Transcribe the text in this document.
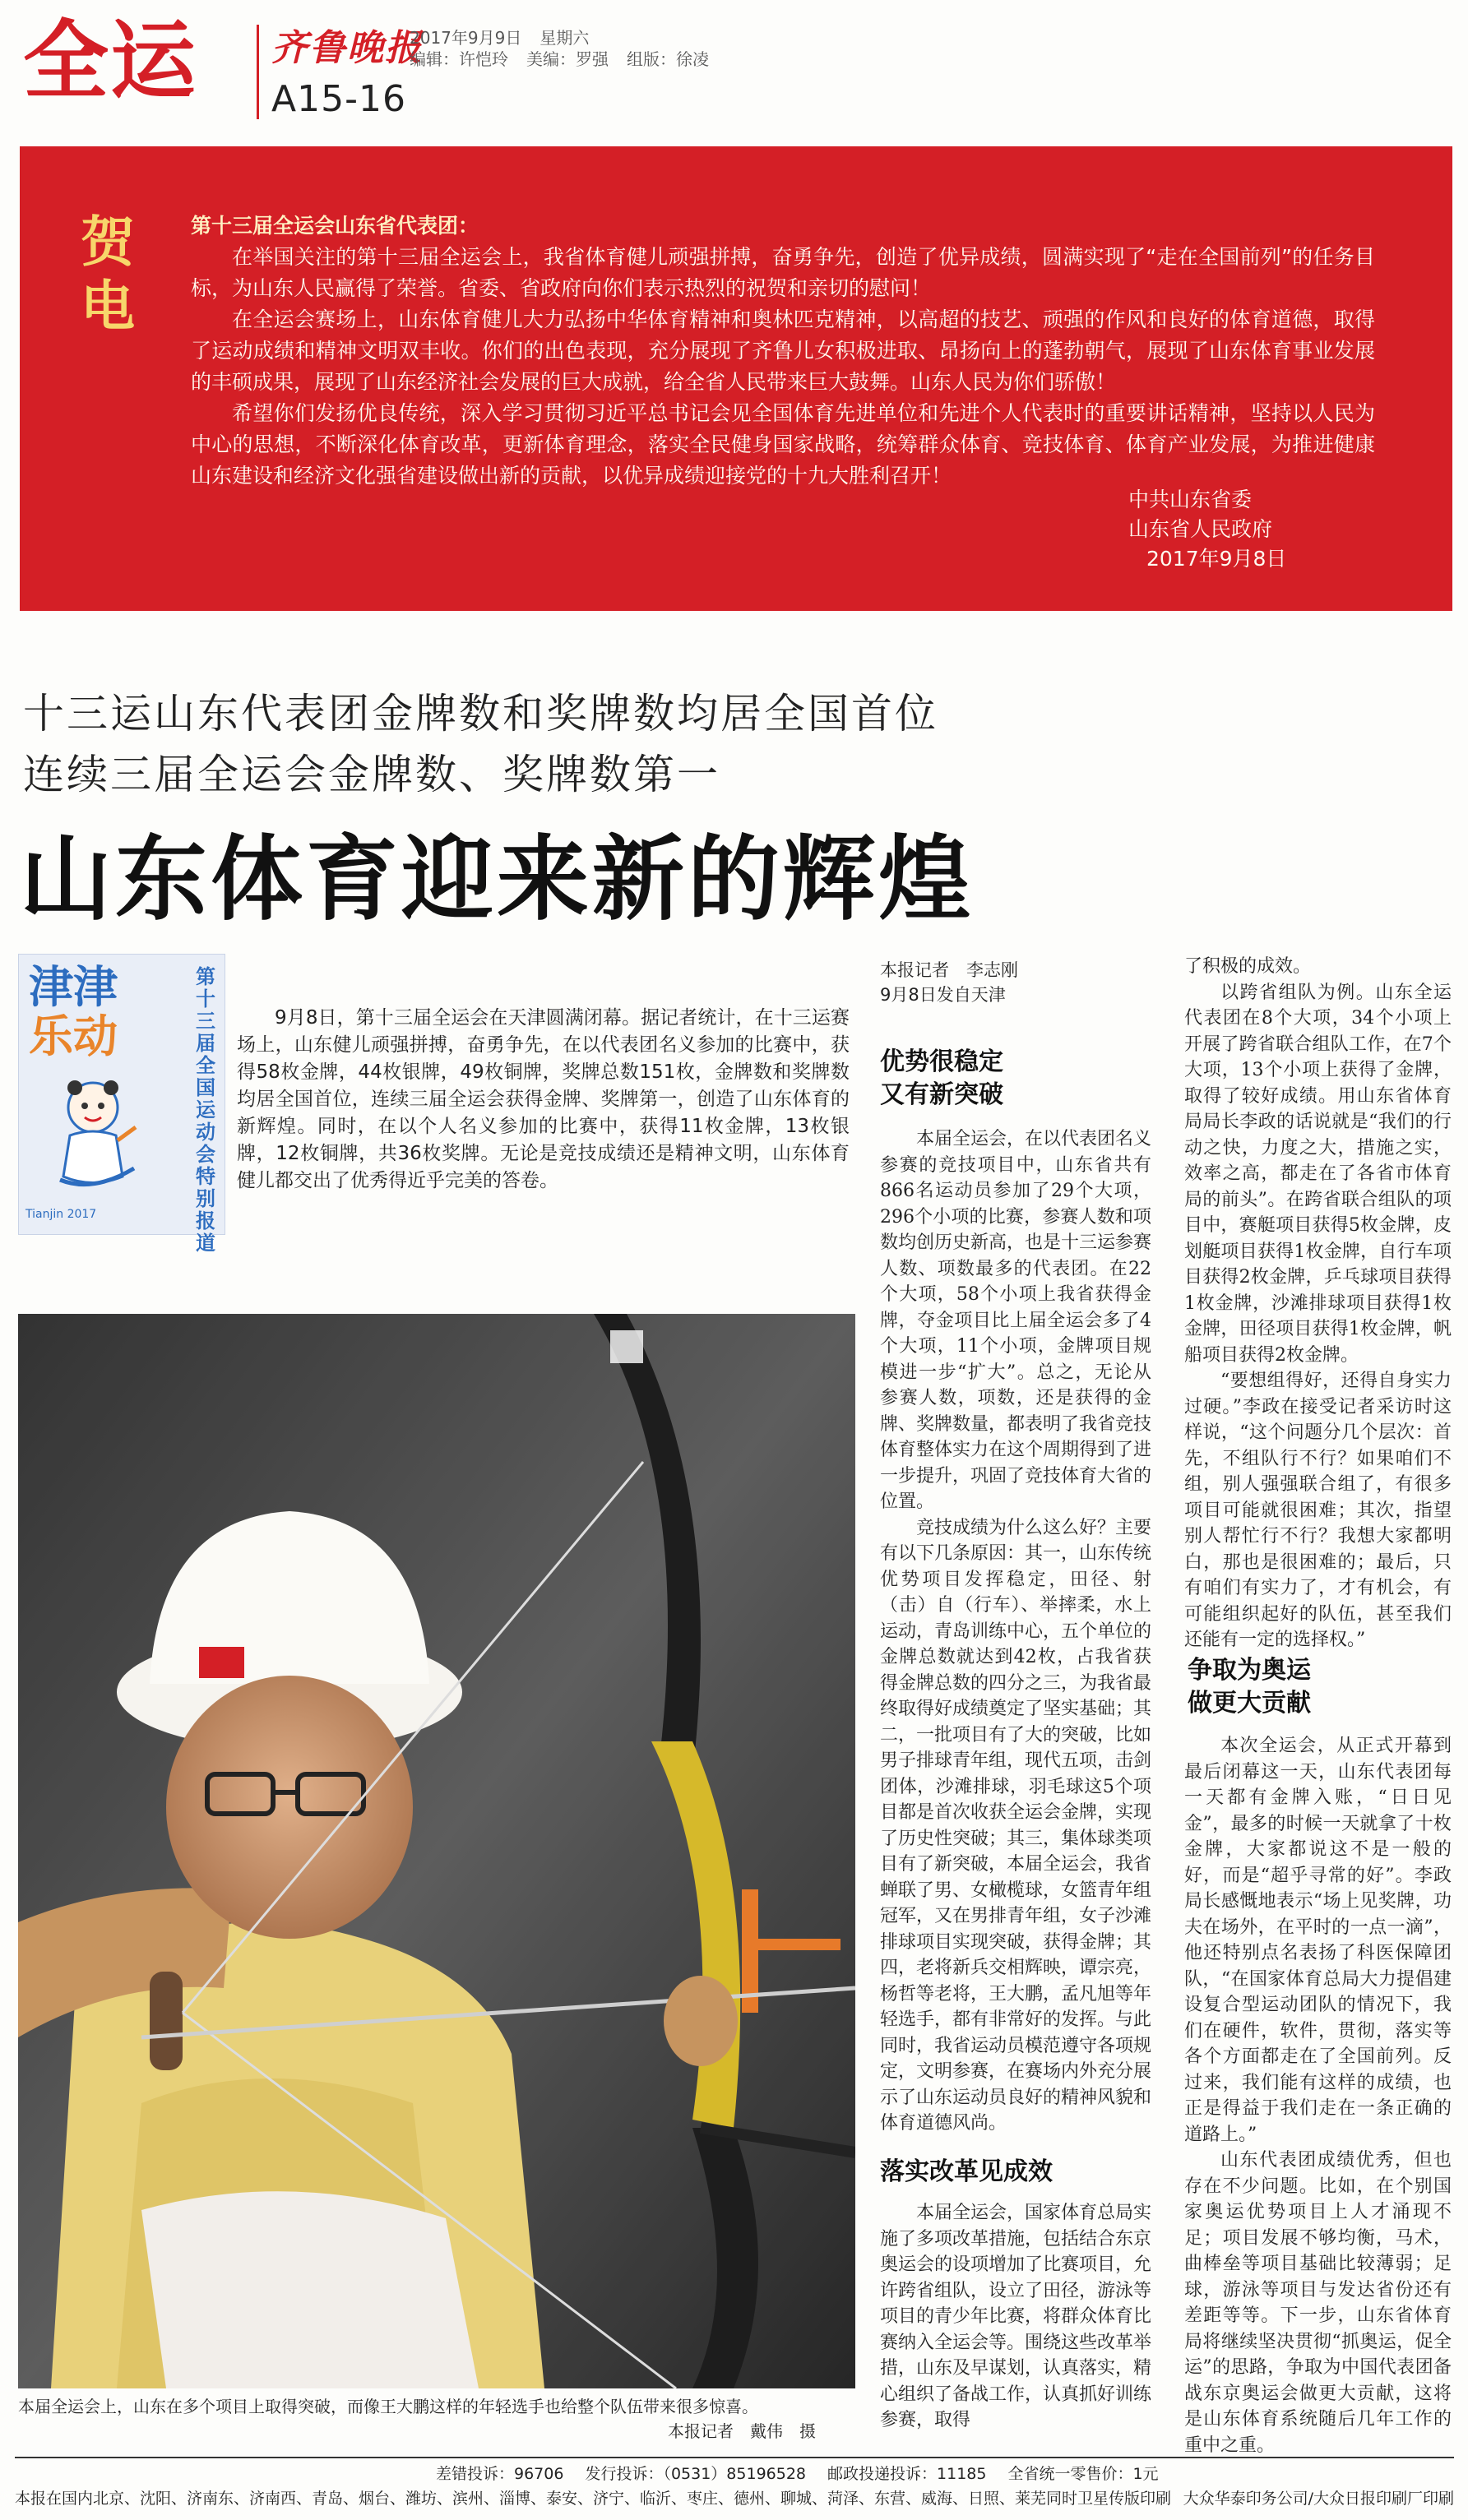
全运 齐鲁晚报
2017年9月9日 星期六
编辑：许恺玲 美编：罗强 组版：徐凌
A15-16
贺电

第十三届全运会山东省代表团：

在举国关注的第十三届全运会上，我省体育健儿顽强拼搏，奋勇争先，创造了优异成绩，圆满实现了“走在全国前列”的任务目标，为山东人民赢得了荣誉。省委、省政府向你们表示热烈的祝贺和亲切的慰问！

在全运会赛场上，山东体育健儿大力弘扬中华体育精神和奥林匹克精神，以高超的技艺、顽强的作风和良好的体育道德，取得了运动成绩和精神文明双丰收。你们的出色表现，充分展现了齐鲁儿女积极进取、昂扬向上的蓬勃朝气，展现了山东体育事业发展的丰硕成果，展现了山东经济社会发展的巨大成就，给全省人民带来巨大鼓舞。山东人民为你们骄傲！

希望你们发扬优良传统，深入学习贯彻习近平总书记会见全国体育先进单位和先进个人代表时的重要讲话精神，坚持以人民为中心的思想，不断深化体育改革，更新体育理念，落实全民健身国家战略，统筹群众体育、竞技体育、体育产业发展，为推进健康山东建设和经济文化强省建设做出新的贡献，以优异成绩迎接党的十九大胜利召开！

中共山东省委
山东省人民政府
2017年9月8日
十三运山东代表团金牌数和奖牌数均居全国首位
连续三届全运会金牌数、奖牌数第一
山东体育迎来新的辉煌
津津
乐动
Tianjin 2017
第十三届全国运动会特别报道

9月8日，第十三届全运会在天津圆满闭幕。据记者统计，在十三运赛场上，山东健儿顽强拼搏，奋勇争先，在以代表团名义参加的比赛中，获得58枚金牌，44枚银牌，49枚铜牌，奖牌总数151枚，金牌数和奖牌数均居全国首位，连续三届全运会获得金牌、奖牌第一，创造了山东体育的新辉煌。同时，在以个人名义参加的比赛中，获得11枚金牌，13枚银牌，12枚铜牌，共36枚奖牌。无论是竞技成绩还是精神文明，山东体育健儿都交出了优秀得近乎完美的答卷。

本届全运会上，山东在多个项目上取得突破，而像王大鹏这样的年轻选手也给整个队伍带来很多惊喜。
本报记者　戴伟　摄
本报记者　李志刚
9月8日发自天津
优势很稳定
又有新突破

本届全运会，在以代表团名义参赛的竞技项目中，山东省共有866名运动员参加了29个大项，296个小项的比赛，参赛人数和项数均创历史新高，也是十三运参赛人数、项数最多的代表团。在22个大项，58个小项上我省获得金牌，夺金项目比上届全运会多了4个大项，11个小项，金牌项目规模进一步“扩大”。总之，无论从参赛人数，项数，还是获得的金牌、奖牌数量，都表明了我省竞技体育整体实力在这个周期得到了进一步提升，巩固了竞技体育大省的位置。

竞技成绩为什么这么好？主要有以下几条原因：其一，山东传统优势项目发挥稳定，田径、射（击）自（行车）、举摔柔，水上运动，青岛训练中心，五个单位的金牌总数就达到42枚，占我省获得金牌总数的四分之三，为我省最终取得好成绩奠定了坚实基础；其二，一批项目有了大的突破，比如男子排球青年组，现代五项，击剑团体，沙滩排球，羽毛球这5个项目都是首次收获全运会金牌，实现了历史性突破；其三，集体球类项目有了新突破，本届全运会，我省蝉联了男、女橄榄球，女篮青年组冠军，又在男排青年组，女子沙滩排球项目实现突破，获得金牌；其四，老将新兵交相辉映，谭宗亮，杨哲等老将，王大鹏，孟凡旭等年轻选手，都有非常好的发挥。与此同时，我省运动员模范遵守各项规定，文明参赛，在赛场内外充分展示了山东运动员良好的精神风貌和体育道德风尚。

落实改革见成效

本届全运会，国家体育总局实施了多项改革措施，包括结合东京奥运会的设项增加了比赛项目，允许跨省组队，设立了田径，游泳等项目的青少年比赛，将群众体育比赛纳入全运会等。围绕这些改革举措，山东及早谋划，认真落实，精心组织了备战工作，认真抓好训练参赛，取得

了积极的成效。

以跨省组队为例。山东全运代表团在8个大项，34个小项上开展了跨省联合组队工作，在7个大项，13个小项上获得了金牌，取得了较好成绩。用山东省体育局局长李政的话说就是“我们的行动之快，力度之大，措施之实，效率之高，都走在了各省市体育局的前头”。在跨省联合组队的项目中，赛艇项目获得5枚金牌，皮划艇项目获得1枚金牌，自行车项目获得2枚金牌，乒乓球项目获得1枚金牌，沙滩排球项目获得1枚金牌，田径项目获得1枚金牌，帆船项目获得2枚金牌。

“要想组得好，还得自身实力过硬。”李政在接受记者采访时这样说，“这个问题分几个层次：首先，不组队行不行？如果咱们不组，别人强强联合组了，有很多项目可能就很困难；其次，指望别人帮忙行不行？我想大家都明白，那也是很困难的；最后，只有咱们有实力了，才有机会，有可能组织起好的队伍，甚至我们还能有一定的选择权。”

争取为奥运
做更大贡献

本次全运会，从正式开幕到最后闭幕这一天，山东代表团每一天都有金牌入账，“日日见金”，最多的时候一天就拿了十枚金牌，大家都说这不是一般的好，而是“超乎寻常的好”。李政局长感慨地表示“场上见奖牌，功夫在场外，在平时的一点一滴”，他还特别点名表扬了科医保障团队，“在国家体育总局大力提倡建设复合型运动团队的情况下，我们在硬件，软件，贯彻，落实等各个方面都走在了全国前列。反过来，我们能有这样的成绩，也正是得益于我们走在一条正确的道路上。”

山东代表团成绩优秀，但也存在不少问题。比如，在个别国家奥运优势项目上人才涌现不足；项目发展不够均衡，马术，曲棒垒等项目基础比较薄弱；足球，游泳等项目与发达省份还有差距等等。下一步，山东省体育局将继续坚决贯彻“抓奥运，促全运”的思路，争取为中国代表团备战东京奥运会做更大贡献，这将是山东体育系统随后几年工作的重中之重。

差错投诉：96706 发行投诉：（0531）85196528 邮政投递投诉：11185 全省统一零售价：1元
本报在国内北京、沈阳、济南东、济南西、青岛、烟台、潍坊、滨州、淄博、泰安、济宁、临沂、枣庄、德州、聊城、菏泽、东营、威海、日照、莱芜同时卫星传版印刷 大众华泰印务公司/大众日报印刷厂印刷
